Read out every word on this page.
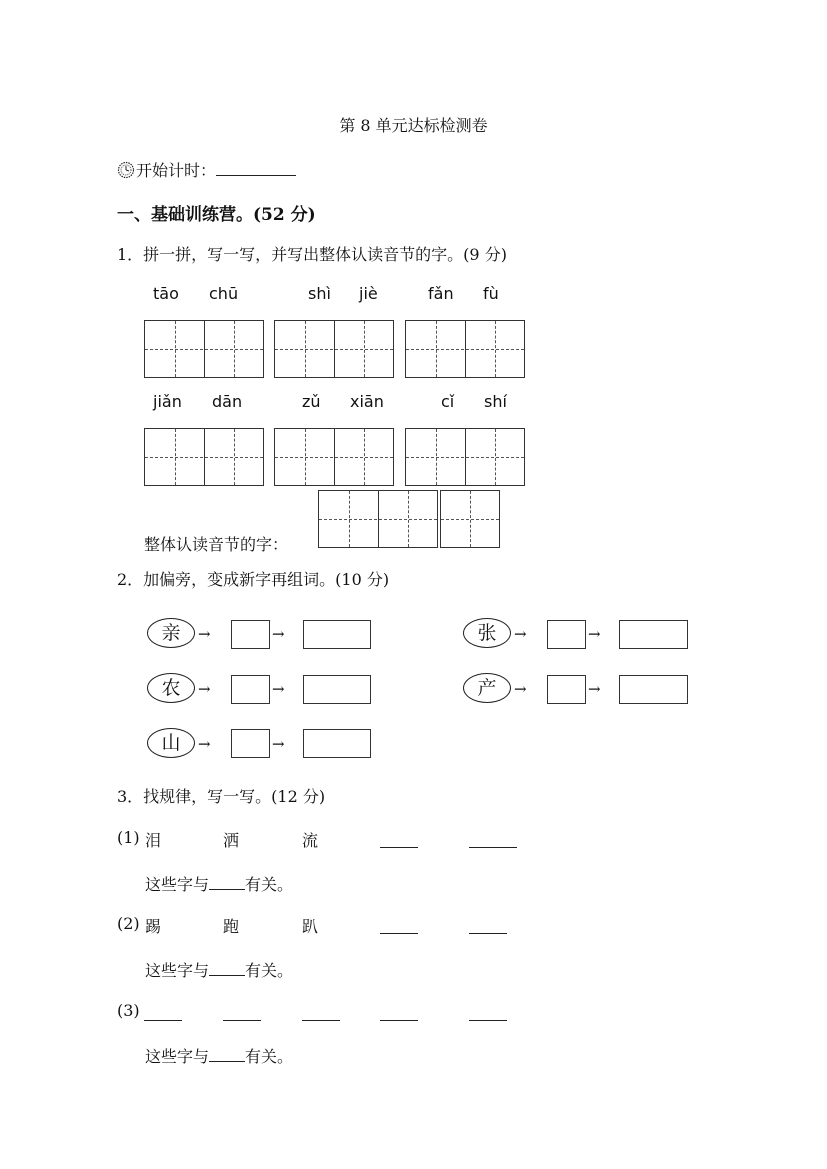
第 8 单元达标检测卷
开始计时：
一、基础训练营。(52 分)
1．拼一拼，写一写，并写出整体认读音节的字。(9 分)
tāo chū	shì jiè	fǎn fù
jiǎn dān	zǔ xiān	cǐ shí
整体认读音节的字：
2．加偏旁，变成新字再组词。(10 分)
亲	→	→	张	→	→
农	→	→	产	→	→
山	→	→
3．找规律，写一写。(12 分)
(1) 泪	洒	流
这些字与 有关。
(2) 踢	跑	趴
这些字与 有关。
(3)
这些字与 有关。
